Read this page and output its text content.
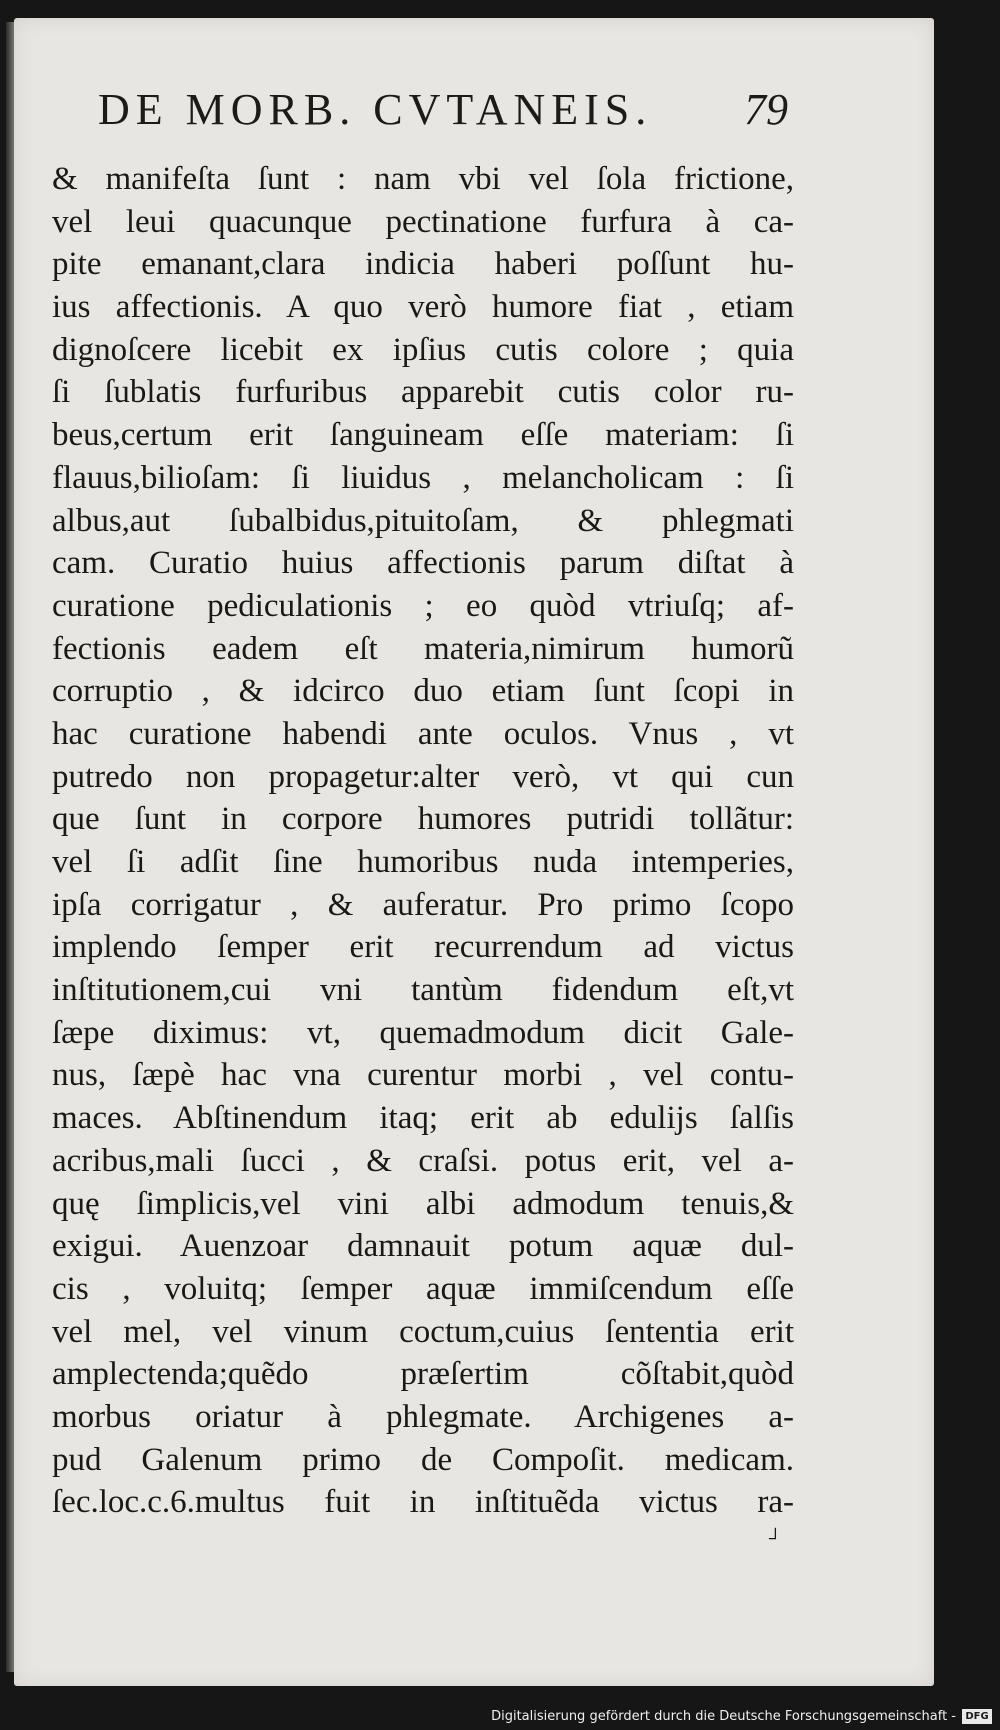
DE MORB. CVTANEIS.	79
& manifeſta ſunt : nam vbi vel ſola frictione,
vel leui quacunque pectinatione furfura à ca-
pite emanant,clara indicia haberi poſſunt hu-
ius affectionis. A quo verò humore fiat , etiam
dignoſcere licebit ex ipſius cutis colore ; quia
ſi ſublatis furfuribus apparebit cutis color ru-
beus,certum erit ſanguineam eſſe materiam: ſi
flauus,bilioſam: ſi liuidus , melancholicam : ſi
albus,aut ſubalbidus,pituitoſam, & phlegmati
cam. Curatio huius affectionis parum diſtat à
curatione pediculationis ; eo quòd vtriuſq; af-
fectionis eadem eſt materia,nimirum humorũ
corruptio , & idcirco duo etiam ſunt ſcopi in
hac curatione habendi ante oculos. Vnus , vt
putredo non propagetur:alter verò, vt qui cun
que ſunt in corpore humores putridi tollãtur:
vel ſi adſit ſine humoribus nuda intemperies,
ipſa corrigatur , & auferatur. Pro primo ſcopo
implendo ſemper erit recurrendum ad victus
inſtitutionem,cui vni tantùm fidendum eſt,vt
ſæpe diximus: vt, quemadmodum dicit Gale-
nus, ſæpè hac vna curentur morbi , vel contu-
maces. Abſtinendum itaq; erit ab edulijs ſalſis
acribus,mali ſucci , & craſsi. potus erit, vel a-
quę ſimplicis,vel vini albi admodum tenuis,&
exigui. Auenzoar damnauit potum aquæ dul-
cis , voluitq; ſemper aquæ immiſcendum eſſe
vel mel, vel vinum coctum,cuius ſententia erit
amplectenda;quẽdo præſertim cõſtabit,quòd
morbus oriatur à phlegmate. Archigenes a-
pud Galenum primo de Compoſit. medicam.
ſec.loc.c.6.multus fuit in inſtituẽda victus ra-
┘
Digitalisierung gefördert durch die Deutsche Forschungsgemeinschaft - DFG
